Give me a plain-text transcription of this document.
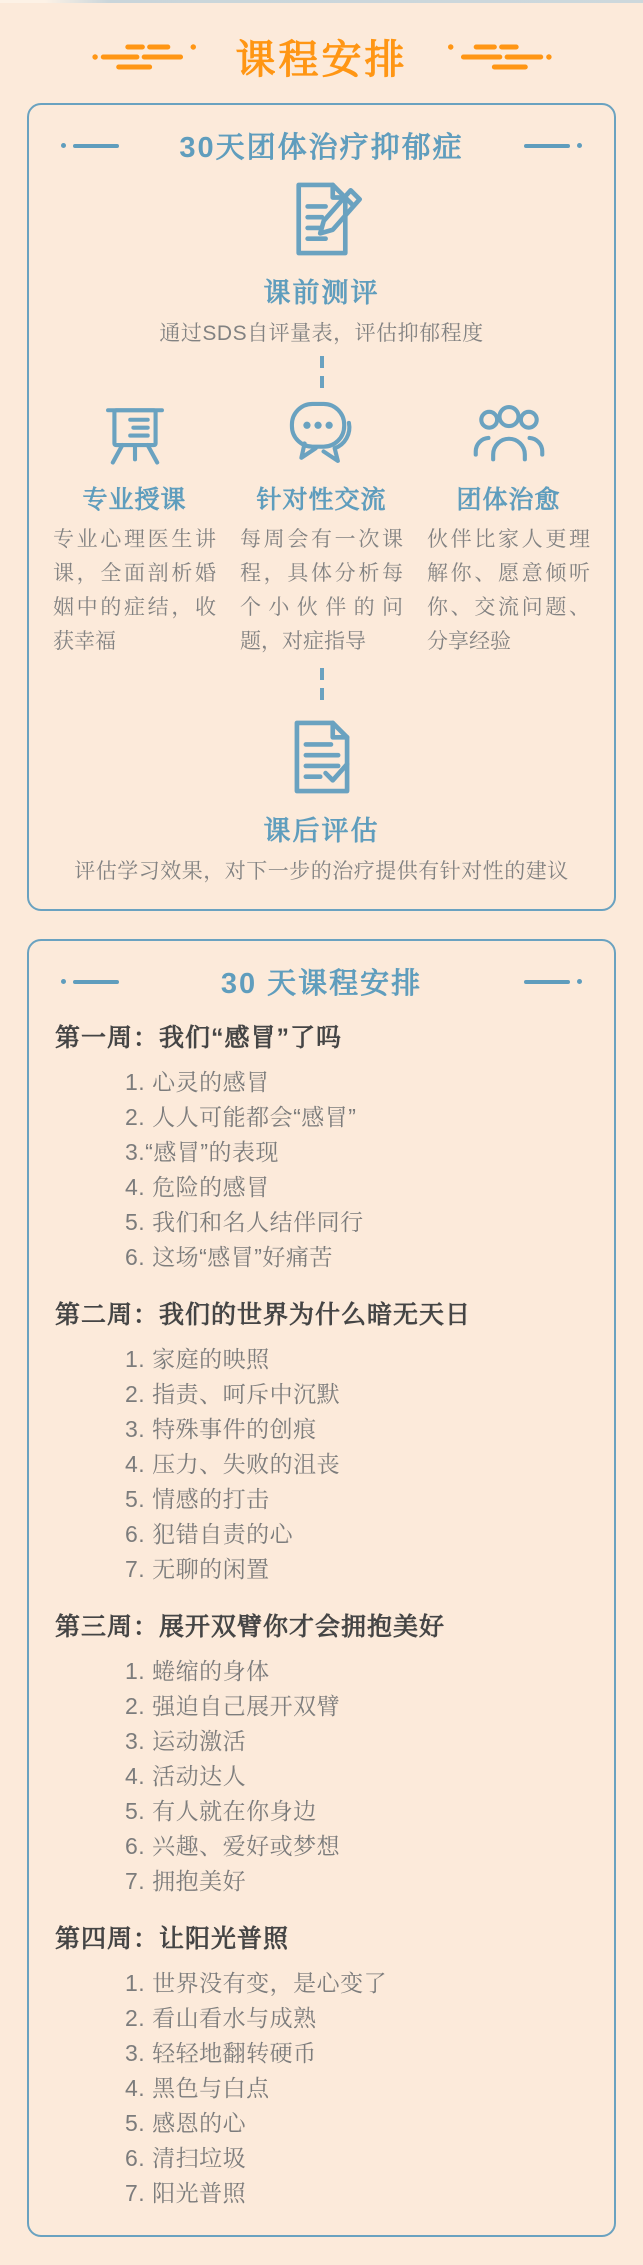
课程安排
30天团体治疗抑郁症
课前测评

通过SDS自评量表，评估抑郁程度

专业授课

专业心理医生讲课，全面剖析婚姻中的症结，收获幸福

针对性交流

每周会有一次课程，具体分析每个小伙伴的问题，对症指导

团体治愈

伙伴比家人更理解你、愿意倾听你、交流问题、分享经验

课后评估

评估学习效果，对下一步的治疗提供有针对性的建议

30 天课程安排
第一周：我们“感冒”了吗
1. 心灵的感冒
2. 人人可能都会“感冒”
3.“感冒”的表现
4. 危险的感冒
5. 我们和名人结伴同行
6. 这场“感冒”好痛苦
第二周：我们的世界为什么暗无天日
1. 家庭的映照
2. 指责、呵斥中沉默
3. 特殊事件的创痕
4. 压力、失败的沮丧
5. 情感的打击
6. 犯错自责的心
7. 无聊的闲置
第三周：展开双臂你才会拥抱美好
1. 蜷缩的身体
2. 强迫自己展开双臂
3. 运动激活
4. 活动达人
5. 有人就在你身边
6. 兴趣、爱好或梦想
7. 拥抱美好
第四周：让阳光普照
1. 世界没有变，是心变了
2. 看山看水与成熟
3. 轻轻地翻转硬币
4. 黑色与白点
5. 感恩的心
6. 清扫垃圾
7. 阳光普照
